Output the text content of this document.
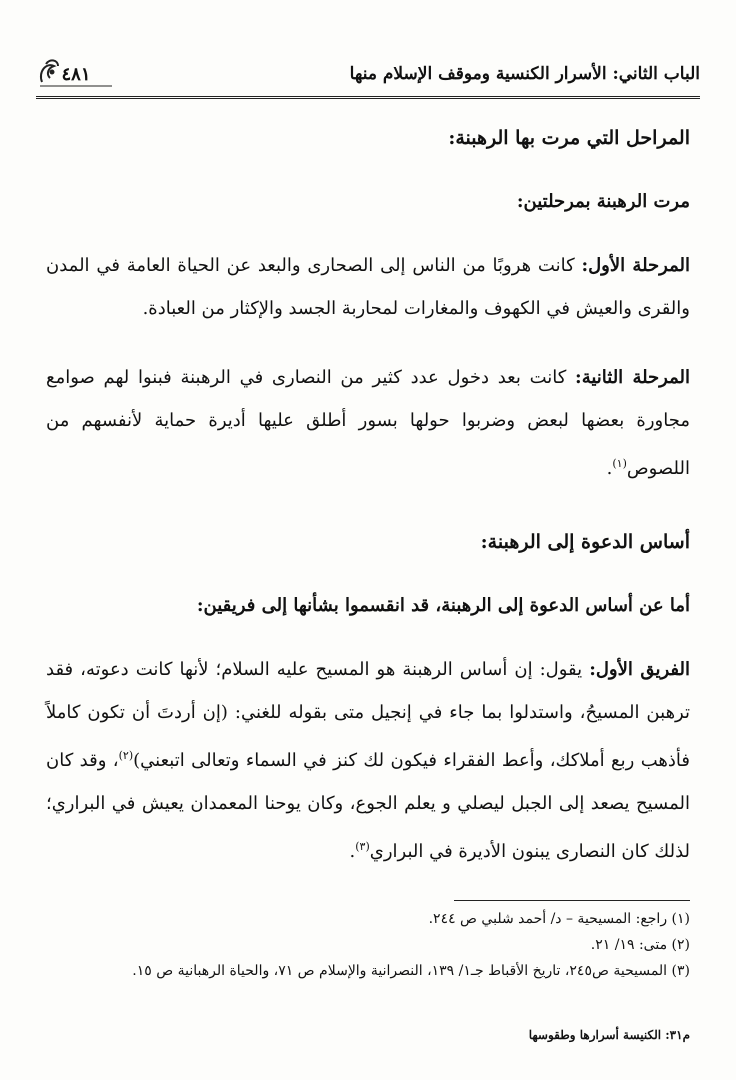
الباب الثاني: الأسرار الكنسية وموقف الإسلام منها
٤٨١

المراحل التي مرت بها الرهبنة:

مرت الرهبنة بمرحلتين:

المرحلة الأول: كانت هروبًا من الناس إلى الصحارى والبعد عن الحياة العامة في المدن والقرى والعيش في الكهوف والمغارات لمحاربة الجسد والإكثار من العبادة.

المرحلة الثانية: كانت بعد دخول عدد كثير من النصارى في الرهبنة فبنوا لهم صوامع مجاورة بعضها لبعض وضربوا حولها بسور أطلق عليها أديرة حماية لأنفسهم من اللصوص$^{(١)}$.

أساس الدعوة إلى الرهبنة:

أما عن أساس الدعوة إلى الرهبنة، قد انقسموا بشأنها إلى فريقين:

الفريق الأول: يقول: إن أساس الرهبنة هو المسيح عليه السلام؛ لأنها كانت دعوته، فقد ترهبن المسيحُ، واستدلوا بما جاء في إنجيل متى بقوله للغني: (إن أردتَ أن تكون كاملاً فأذهب ربع أملاكك، وأعط الفقراء فيكون لك كنز في السماء وتعالى اتبعني)$^{(٢)}$، وقد كان المسيح يصعد إلى الجبل ليصلي و يعلم الجوع، وكان يوحنا المعمدان يعيش في البراري؛ لذلك كان النصارى يبنون الأديرة في البراري$^{(٣)}$.

(١) راجع: المسيحية – د/ أحمد شلبي ص ٢٤٤.

(٢) متى: ١٩/ ٢١.

(٣) المسيحية ص٢٤٥، تاريخ الأقباط جـ١/ ١٣٩، النصرانية والإسلام ص ٧١، والحياة الرهبانية ص ١٥.

م٣١: الكنيسة أسرارها وطقوسها
